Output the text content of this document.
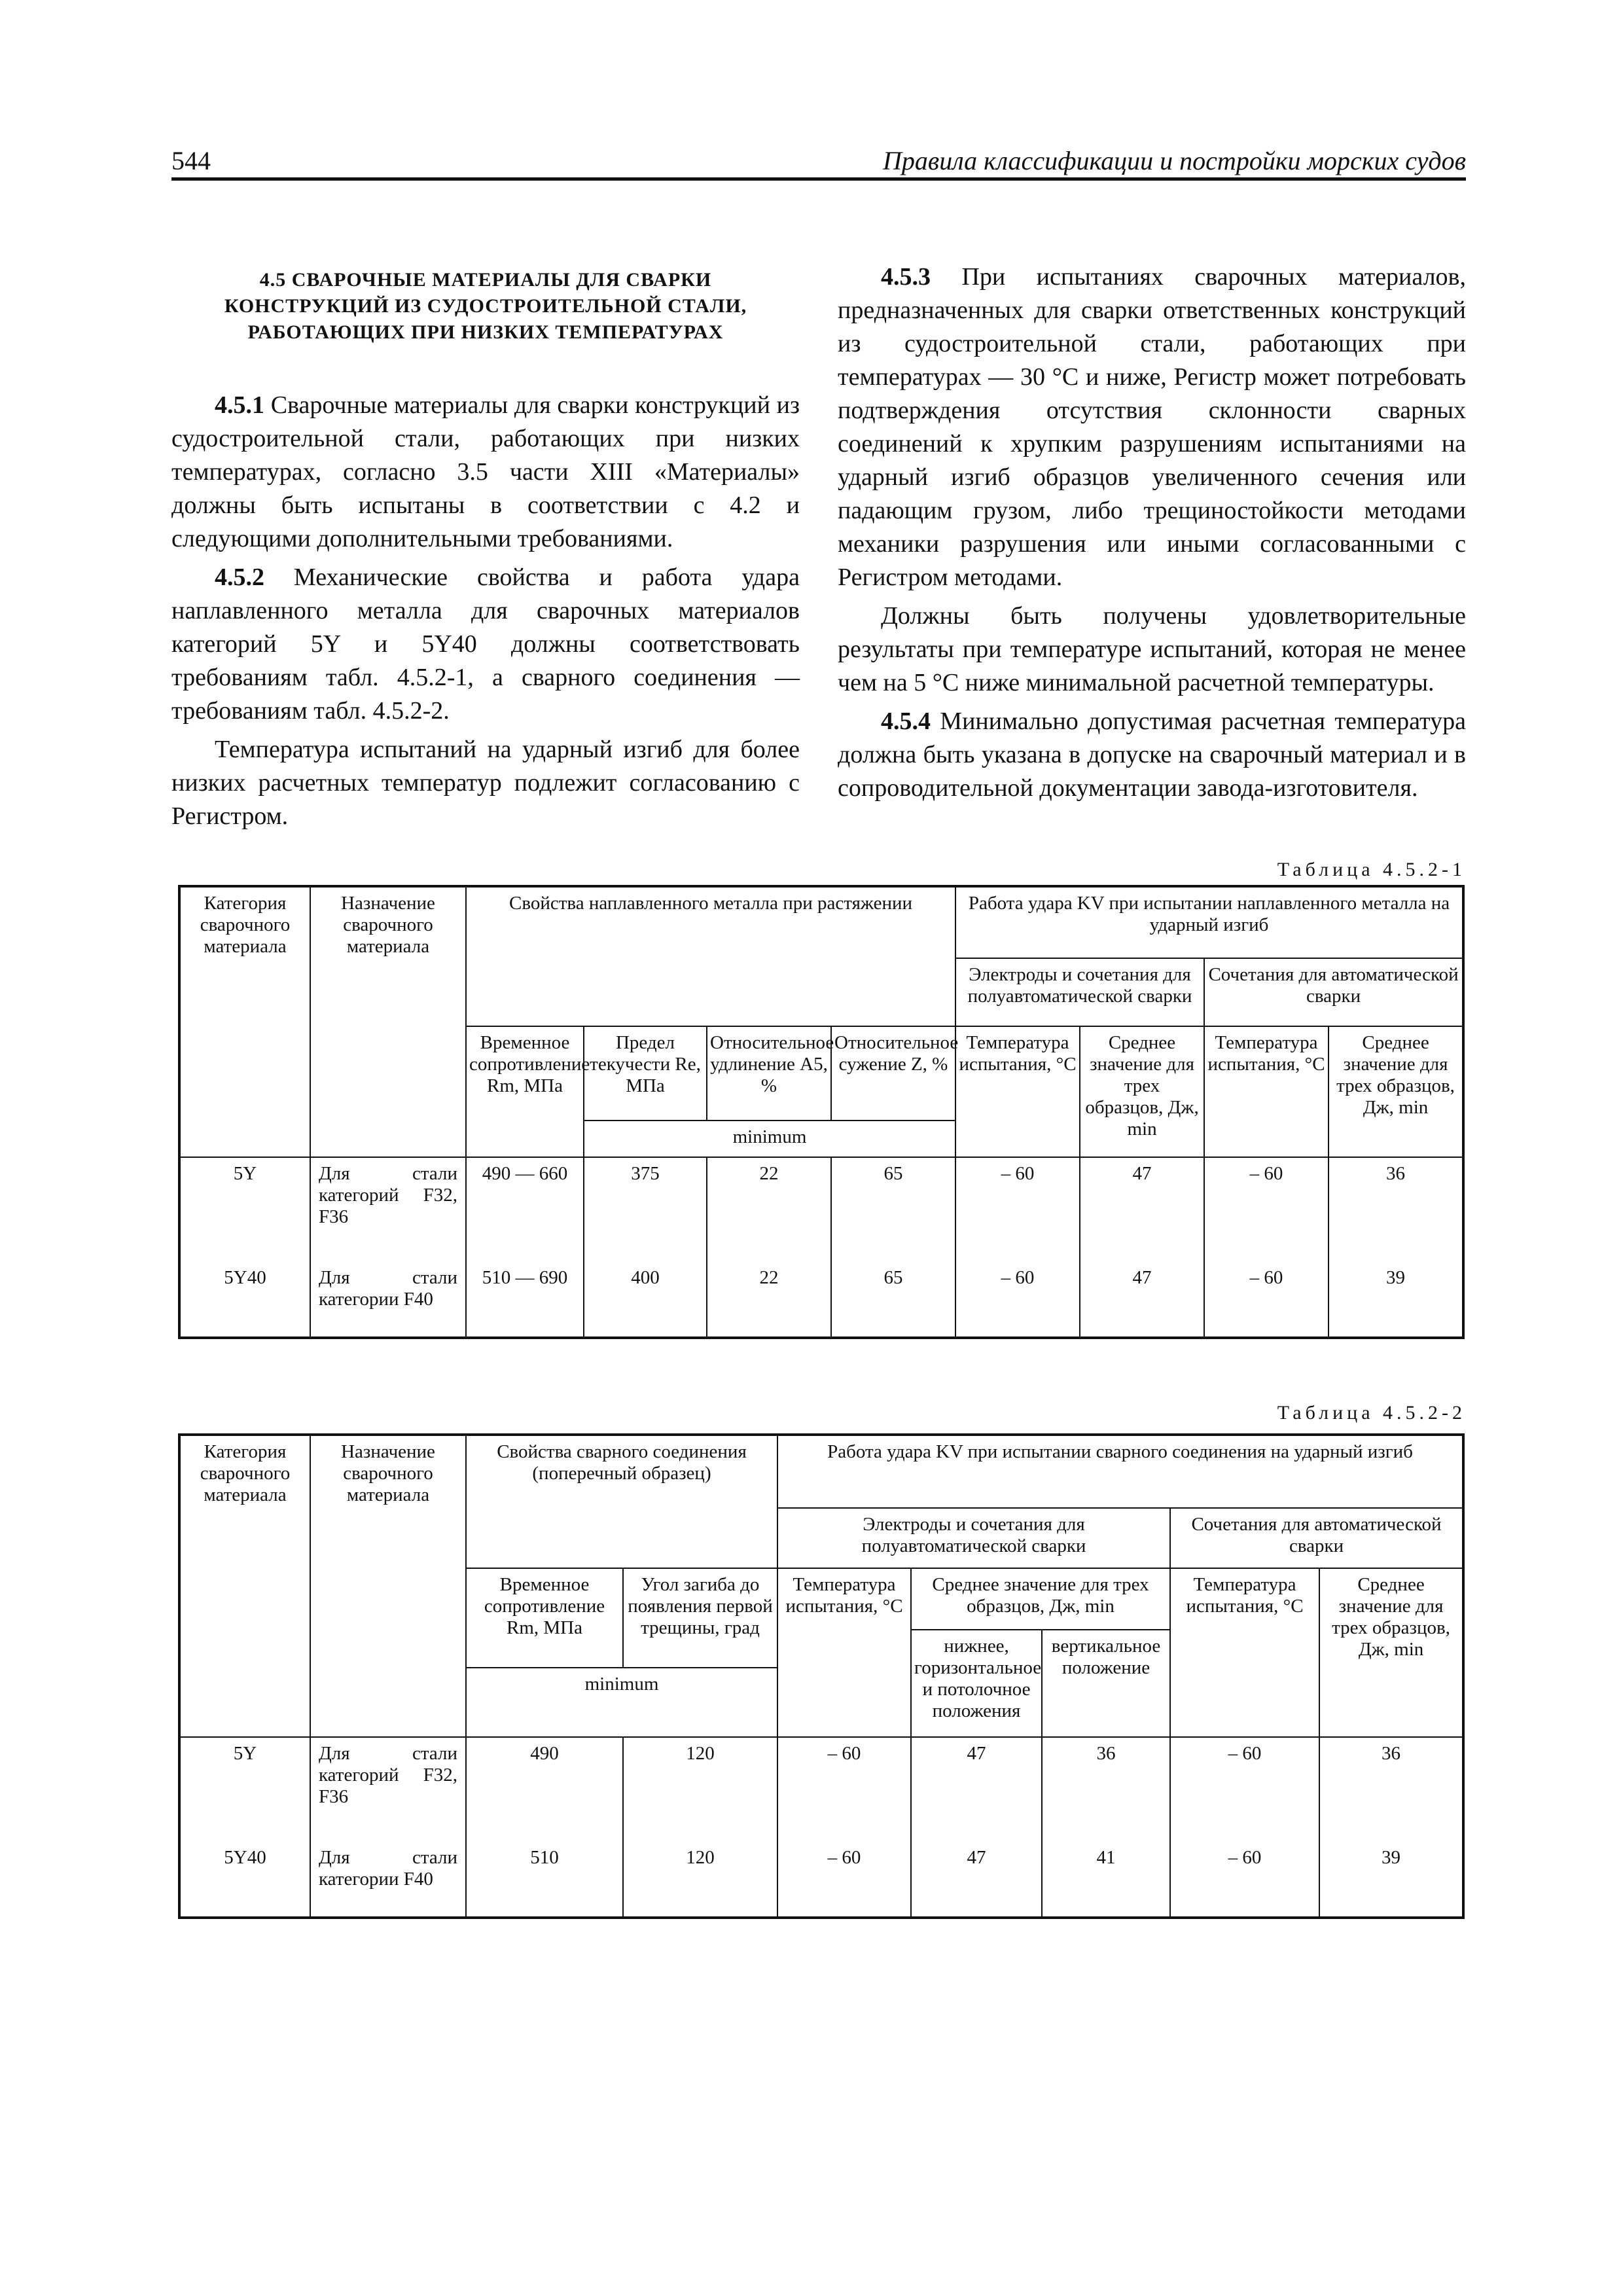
544	Правила классификации и постройки морских судов
4.5 СВАРОЧНЫЕ МАТЕРИАЛЫ ДЛЯ СВАРКИ
КОНСТРУКЦИЙ ИЗ СУДОСТРОИТЕЛЬНОЙ СТАЛИ,
РАБОТАЮЩИХ ПРИ НИЗКИХ ТЕМПЕРАТУРАХ

4.5.1 Сварочные материалы для сварки конструкций из судостроительной стали, работающих при низких температурах, согласно 3.5 части XIII «Материалы» должны быть испытаны в соответствии с 4.2 и следующими дополнительными требованиями.

4.5.2 Механические свойства и работа удара наплавленного металла для сварочных материалов категорий 5Y и 5Y40 должны соответствовать требованиям табл. 4.5.2-1, а сварного соединения — требованиям табл. 4.5.2-2.

Температура испытаний на ударный изгиб для более низких расчетных температур подлежит согласованию с Регистром.

4.5.3 При испытаниях сварочных материалов, предназначенных для сварки ответственных конструкций из судостроительной стали, работающих при температурах — 30 °С и ниже, Регистр может потребовать подтверждения отсутствия склонности сварных соединений к хрупким разрушениям испытаниями на ударный изгиб образцов увеличенного сечения или падающим грузом, либо трещиностойкости методами механики разрушения или иными согласованными с Регистром методами.

Должны быть получены удовлетворительные результаты при температуре испытаний, которая не менее чем на 5 °С ниже минимальной расчетной температуры.

4.5.4 Минимально допустимая расчетная температура должна быть указана в допуске на сварочный материал и в сопроводительной документации завода-изготовителя.

Таблица 4.5.2-1
Категория сварочного материала	Назначение сварочного материала	Свойства наплавленного металла при растяжении				Работа удара KV при испытании наплавленного металла на ударный изгиб			
						Электроды и сочетания для полуавтоматической сварки		Сочетания для автоматической сварки	
		Временное сопротивление Rm, МПа	Предел текучести Re, МПа	Относительное удлинение A5, %	Относительное сужение Z, %	Температура испытания, °С	Среднее значение для трех образцов, Дж, min	Температура испытания, °С	Среднее значение для трех образцов, Дж, min
			minimum						
5Y	Для стали категорий F32, F36	490 — 660	375	22	65	– 60	47	– 60	36
5Y40	Для стали категории F40	510 — 690	400	22	65	– 60	47	– 60	39
Таблица 4.5.2-2
Категория сварочного материала	Назначение сварочного материала	Свойства сварного соединения (поперечный образец)		Работа удара KV при испытании сварного соединения на ударный изгиб				
				Электроды и сочетания для полуавтоматической сварки			Сочетания для автоматической сварки	
		Временное сопротивление Rm, МПа	Угол загиба до появления первой трещины, град	Температура испытания, °С	Среднее значение для трех образцов, Дж, min		Температура испытания, °С	Среднее значение для трех образцов, Дж, min
					нижнее, горизонтальное и потолочное положения	вертикальное положение		
		minimum						
5Y	Для стали категорий F32, F36	490	120	– 60	47	36	– 60	36
5Y40	Для стали категории F40	510	120	– 60	47	41	– 60	39
